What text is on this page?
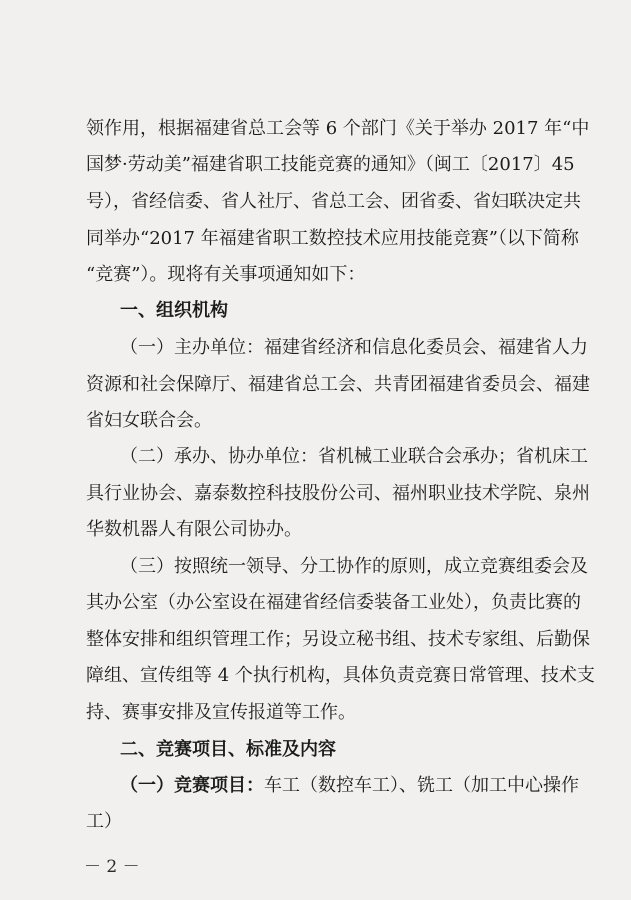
领作用，根据福建省总工会等 6 个部门《关于举办 2017 年“中
国梦·劳动美”福建省职工技能竞赛的通知》（闽工〔2017〕45
号），省经信委、省人社厅、省总工会、团省委、省妇联决定共
同举办“2017 年福建省职工数控技术应用技能竞赛”（以下简称
“竞赛”）。现将有关事项通知如下：
一、组织机构
（一）主办单位：福建省经济和信息化委员会、福建省人力
资源和社会保障厅、福建省总工会、共青团福建省委员会、福建
省妇女联合会。
（二）承办、协办单位：省机械工业联合会承办；省机床工
具行业协会、嘉泰数控科技股份公司、福州职业技术学院、泉州
华数机器人有限公司协办。
（三）按照统一领导、分工协作的原则，成立竞赛组委会及
其办公室（办公室设在福建省经信委装备工业处），负责比赛的
整体安排和组织管理工作；另设立秘书组、技术专家组、后勤保
障组、宣传组等 4 个执行机构，具体负责竞赛日常管理、技术支
持、赛事安排及宣传报道等工作。
二、竞赛项目、标准及内容
（一）竞赛项目：车工（数控车工）、铣工（加工中心操作
工）
－ 2 －
